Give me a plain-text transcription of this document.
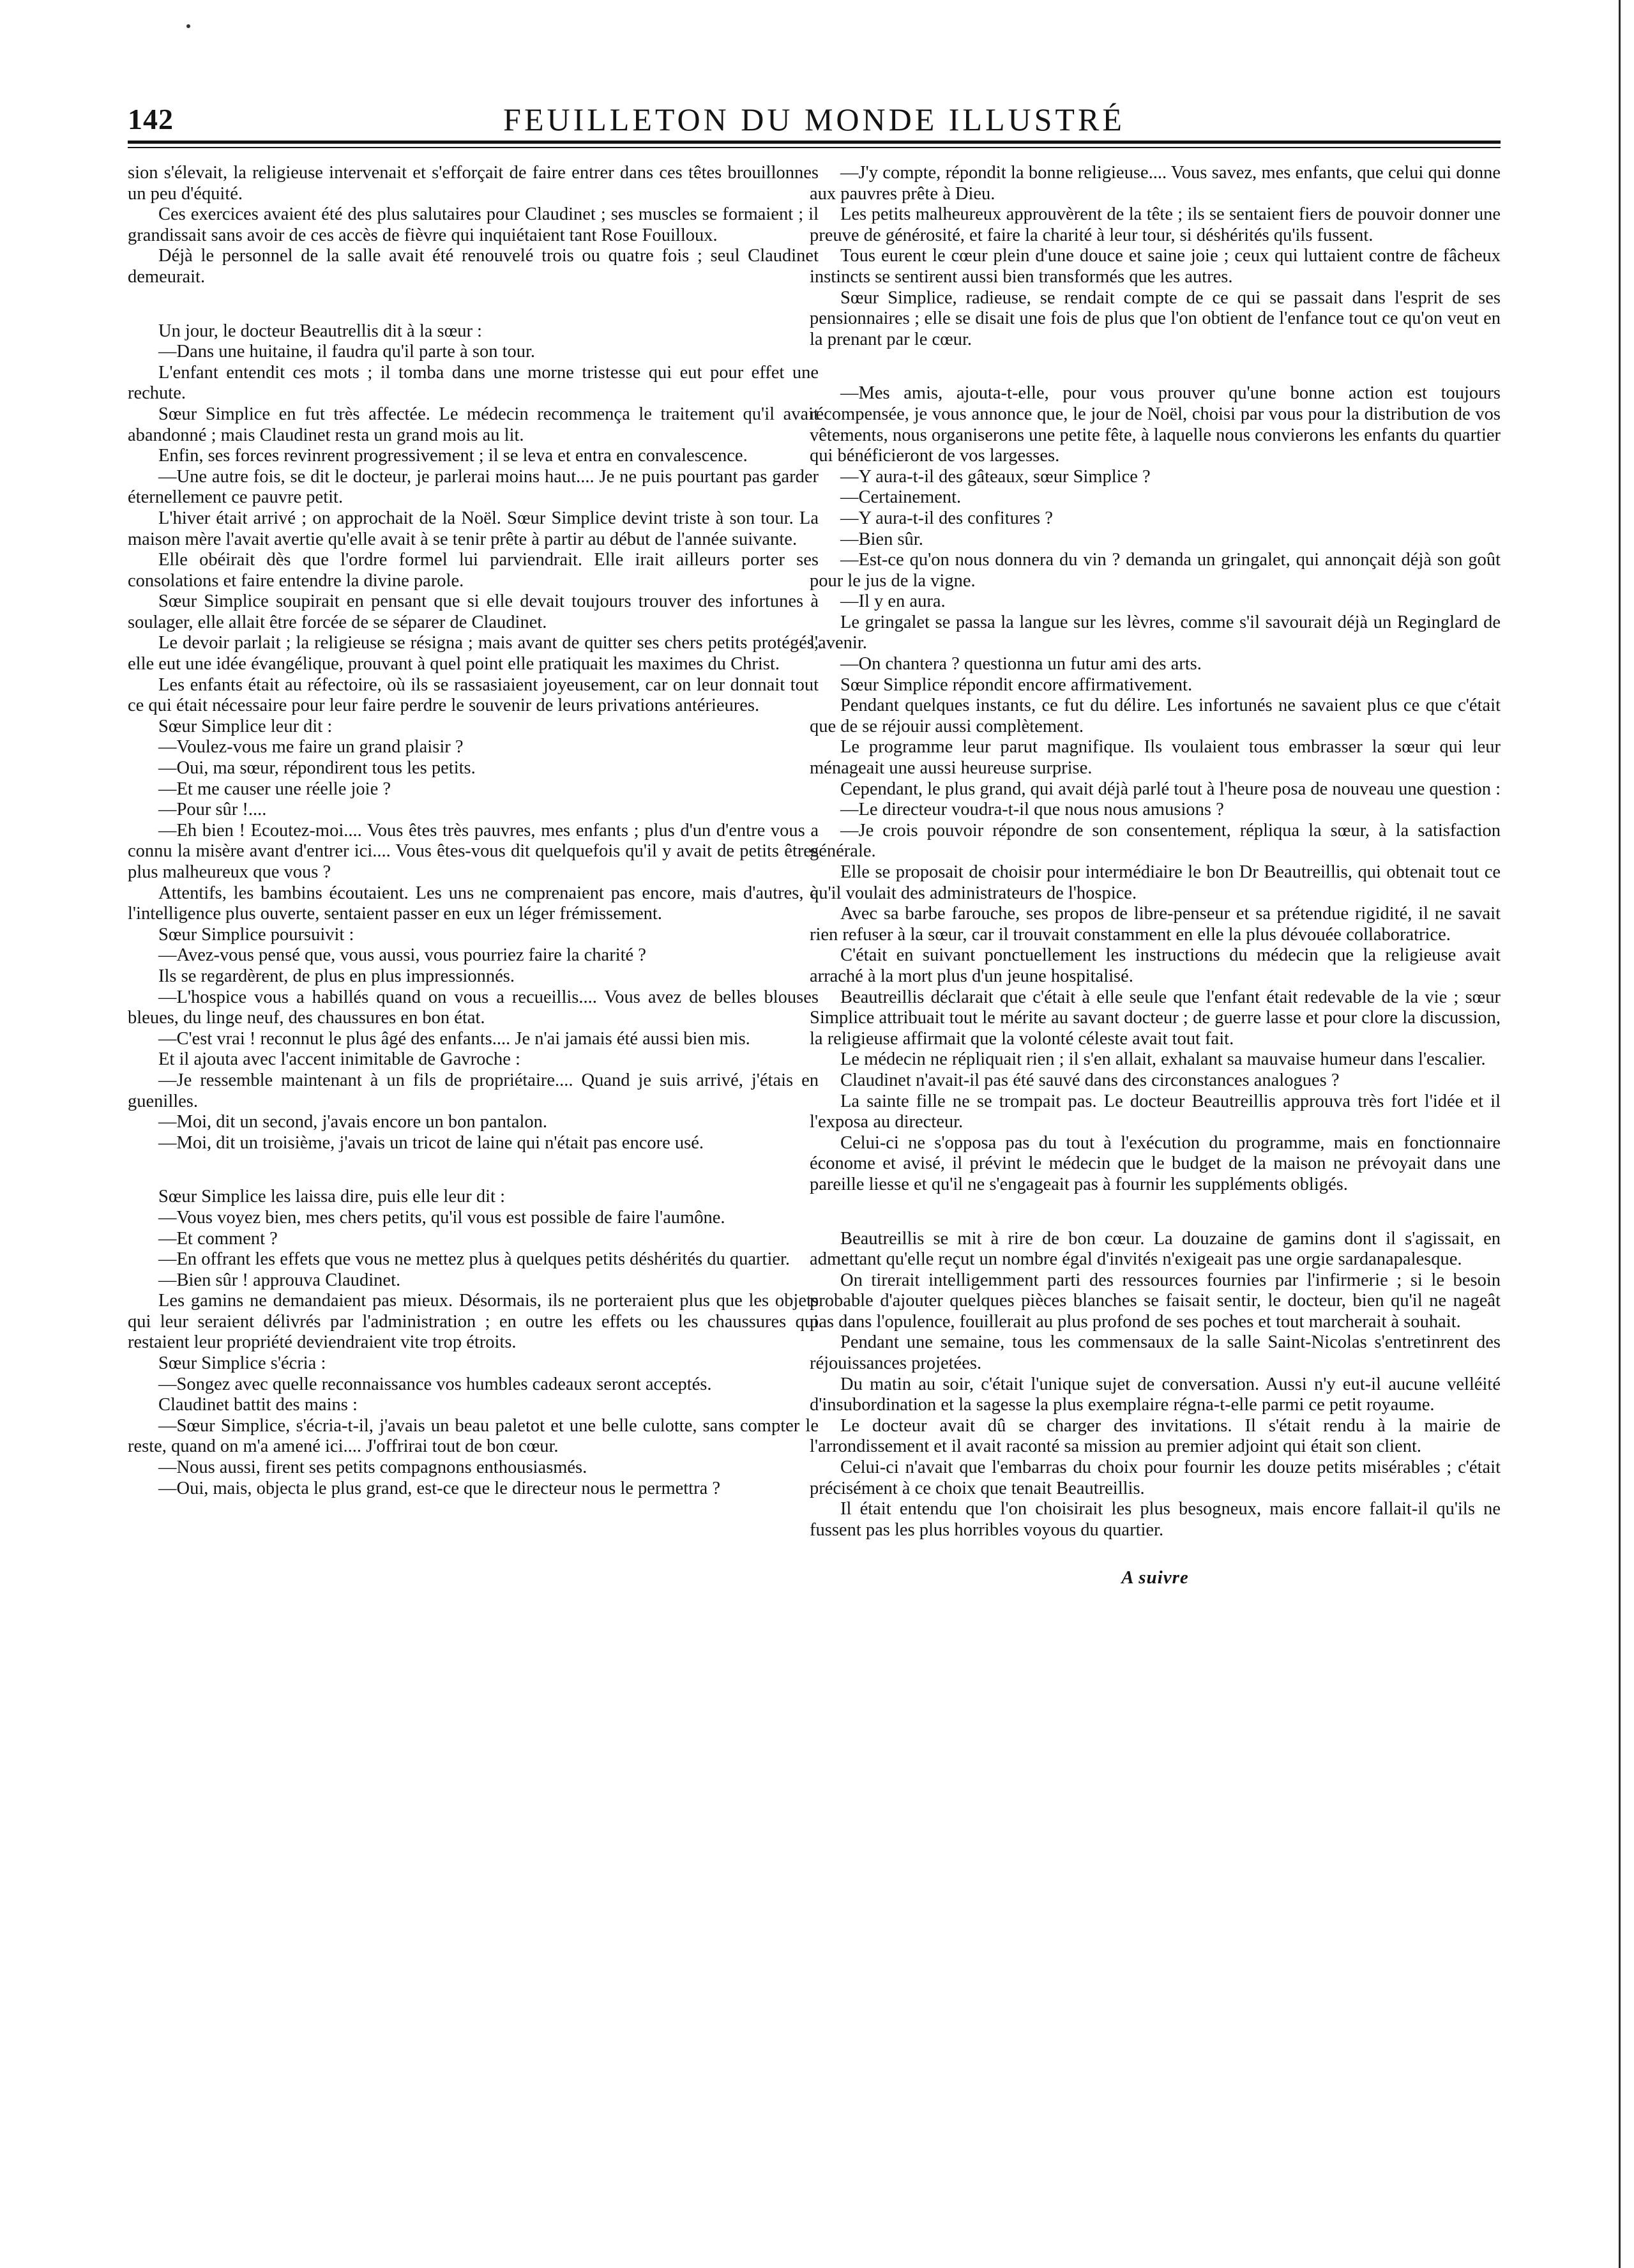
142	FEUILLETON DU MONDE ILLUSTRÉ

sion s'élevait, la religieuse intervenait et s'efforçait de faire entrer dans ces têtes brouillonnes un peu d'équité.

Ces exercices avaient été des plus salutaires pour Claudinet ; ses muscles se formaient ; il grandissait sans avoir de ces accès de fièvre qui inquiétaient tant Rose Fouilloux.

Déjà le personnel de la salle avait été renouvelé trois ou quatre fois ; seul Claudinet demeurait.

Un jour, le docteur Beautrellis dit à la sœur :

—Dans une huitaine, il faudra qu'il parte à son tour.

L'enfant entendit ces mots ; il tomba dans une morne tristesse qui eut pour effet une rechute.

Sœur Simplice en fut très affectée. Le médecin recommença le traitement qu'il avait abandonné ; mais Claudinet resta un grand mois au lit.

Enfin, ses forces revinrent progressivement ; il se leva et entra en convalescence.

—Une autre fois, se dit le docteur, je parlerai moins haut.... Je ne puis pourtant pas garder éternellement ce pauvre petit.

L'hiver était arrivé ; on approchait de la Noël. Sœur Simplice devint triste à son tour. La maison mère l'avait avertie qu'elle avait à se tenir prête à partir au début de l'année suivante.

Elle obéirait dès que l'ordre formel lui parviendrait. Elle irait ailleurs porter ses consolations et faire entendre la divine parole.

Sœur Simplice soupirait en pensant que si elle devait toujours trouver des infortunes à soulager, elle allait être forcée de se séparer de Claudinet.

Le devoir parlait ; la religieuse se résigna ; mais avant de quitter ses chers petits protégés, elle eut une idée évangélique, prouvant à quel point elle pratiquait les maximes du Christ.

Les enfants était au réfectoire, où ils se rassasiaient joyeusement, car on leur donnait tout ce qui était nécessaire pour leur faire perdre le souvenir de leurs privations antérieures.

Sœur Simplice leur dit :

—Voulez-vous me faire un grand plaisir ?

—Oui, ma sœur, répondirent tous les petits.

—Et me causer une réelle joie ?

—Pour sûr !....

—Eh bien ! Ecoutez-moi.... Vous êtes très pauvres, mes enfants ; plus d'un d'entre vous a connu la misère avant d'entrer ici.... Vous êtes-vous dit quelquefois qu'il y avait de petits êtres plus malheureux que vous ?

Attentifs, les bambins écoutaient. Les uns ne comprenaient pas encore, mais d'autres, à l'intelligence plus ouverte, sentaient passer en eux un léger frémissement.

Sœur Simplice poursuivit :

—Avez-vous pensé que, vous aussi, vous pourriez faire la charité ?

Ils se regardèrent, de plus en plus impressionnés.

—L'hospice vous a habillés quand on vous a recueillis.... Vous avez de belles blouses bleues, du linge neuf, des chaussures en bon état.

—C'est vrai ! reconnut le plus âgé des enfants.... Je n'ai jamais été aussi bien mis.

Et il ajouta avec l'accent inimitable de Gavroche :

—Je ressemble maintenant à un fils de propriétaire.... Quand je suis arrivé, j'étais en guenilles.

—Moi, dit un second, j'avais encore un bon pantalon.

—Moi, dit un troisième, j'avais un tricot de laine qui n'était pas encore usé.

Sœur Simplice les laissa dire, puis elle leur dit :

—Vous voyez bien, mes chers petits, qu'il vous est possible de faire l'aumône.

—Et comment ?

—En offrant les effets que vous ne mettez plus à quelques petits déshérités du quartier.

—Bien sûr ! approuva Claudinet.

Les gamins ne demandaient pas mieux. Désormais, ils ne porteraient plus que les objets qui leur seraient délivrés par l'administration ; en outre les effets ou les chaussures qui restaient leur propriété deviendraient vite trop étroits.

Sœur Simplice s'écria :

—Songez avec quelle reconnaissance vos humbles cadeaux seront acceptés.

Claudinet battit des mains :

—Sœur Simplice, s'écria-t-il, j'avais un beau paletot et une belle culotte, sans compter le reste, quand on m'a amené ici.... J'offrirai tout de bon cœur.

—Nous aussi, firent ses petits compagnons enthousiasmés.

—Oui, mais, objecta le plus grand, est-ce que le directeur nous le permettra ?

—J'y compte, répondit la bonne religieuse.... Vous savez, mes enfants, que celui qui donne aux pauvres prête à Dieu.

Les petits malheureux approuvèrent de la tête ; ils se sentaient fiers de pouvoir donner une preuve de générosité, et faire la charité à leur tour, si déshérités qu'ils fussent.

Tous eurent le cœur plein d'une douce et saine joie ; ceux qui luttaient contre de fâcheux instincts se sentirent aussi bien transformés que les autres.

Sœur Simplice, radieuse, se rendait compte de ce qui se passait dans l'esprit de ses pensionnaires ; elle se disait une fois de plus que l'on obtient de l'enfance tout ce qu'on veut en la prenant par le cœur.

—Mes amis, ajouta-t-elle, pour vous prouver qu'une bonne action est toujours récompensée, je vous annonce que, le jour de Noël, choisi par vous pour la distribution de vos vêtements, nous organiserons une petite fête, à laquelle nous convierons les enfants du quartier qui bénéficieront de vos largesses.

—Y aura-t-il des gâteaux, sœur Simplice ?

—Certainement.

—Y aura-t-il des confitures ?

—Bien sûr.

—Est-ce qu'on nous donnera du vin ? demanda un gringalet, qui annonçait déjà son goût pour le jus de la vigne.

—Il y en aura.

Le gringalet se passa la langue sur les lèvres, comme s'il savourait déjà un Reginglard de l'avenir.

—On chantera ? questionna un futur ami des arts.

Sœur Simplice répondit encore affirmativement.

Pendant quelques instants, ce fut du délire. Les infortunés ne savaient plus ce que c'était que de se réjouir aussi complètement.

Le programme leur parut magnifique. Ils voulaient tous embrasser la sœur qui leur ménageait une aussi heureuse surprise.

Cependant, le plus grand, qui avait déjà parlé tout à l'heure posa de nouveau une question :

—Le directeur voudra-t-il que nous nous amusions ?

—Je crois pouvoir répondre de son consentement, répliqua la sœur, à la satisfaction générale.

Elle se proposait de choisir pour intermédiaire le bon Dr Beautreillis, qui obtenait tout ce qu'il voulait des administrateurs de l'hospice.

Avec sa barbe farouche, ses propos de libre-penseur et sa prétendue rigidité, il ne savait rien refuser à la sœur, car il trouvait constamment en elle la plus dévouée collaboratrice.

C'était en suivant ponctuellement les instructions du médecin que la religieuse avait arraché à la mort plus d'un jeune hospitalisé.

Beautreillis déclarait que c'était à elle seule que l'enfant était redevable de la vie ; sœur Simplice attribuait tout le mérite au savant docteur ; de guerre lasse et pour clore la discussion, la religieuse affirmait que la volonté céleste avait tout fait.

Le médecin ne répliquait rien ; il s'en allait, exhalant sa mauvaise humeur dans l'escalier.

Claudinet n'avait-il pas été sauvé dans des circonstances analogues ?

La sainte fille ne se trompait pas. Le docteur Beautreillis approuva très fort l'idée et il l'exposa au directeur.

Celui-ci ne s'opposa pas du tout à l'exécution du programme, mais en fonctionnaire économe et avisé, il prévint le médecin que le budget de la maison ne prévoyait dans une pareille liesse et qu'il ne s'engageait pas à fournir les suppléments obligés.

Beautreillis se mit à rire de bon cœur. La douzaine de gamins dont il s'agissait, en admettant qu'elle reçut un nombre égal d'invités n'exigeait pas une orgie sardanapalesque.

On tirerait intelligemment parti des ressources fournies par l'infirmerie ; si le besoin probable d'ajouter quelques pièces blanches se faisait sentir, le docteur, bien qu'il ne nageât pas dans l'opulence, fouillerait au plus profond de ses poches et tout marcherait à souhait.

Pendant une semaine, tous les commensaux de la salle Saint-Nicolas s'entretinrent des réjouissances projetées.

Du matin au soir, c'était l'unique sujet de conversation. Aussi n'y eut-il aucune velléité d'insubordination et la sagesse la plus exemplaire régna-t-elle parmi ce petit royaume.

Le docteur avait dû se charger des invitations. Il s'était rendu à la mairie de l'arrondissement et il avait raconté sa mission au premier adjoint qui était son client.

Celui-ci n'avait que l'embarras du choix pour fournir les douze petits misérables ; c'était précisément à ce choix que tenait Beautreillis.

Il était entendu que l'on choisirait les plus besogneux, mais encore fallait-il qu'ils ne fussent pas les plus horribles voyous du quartier.

A suivre
